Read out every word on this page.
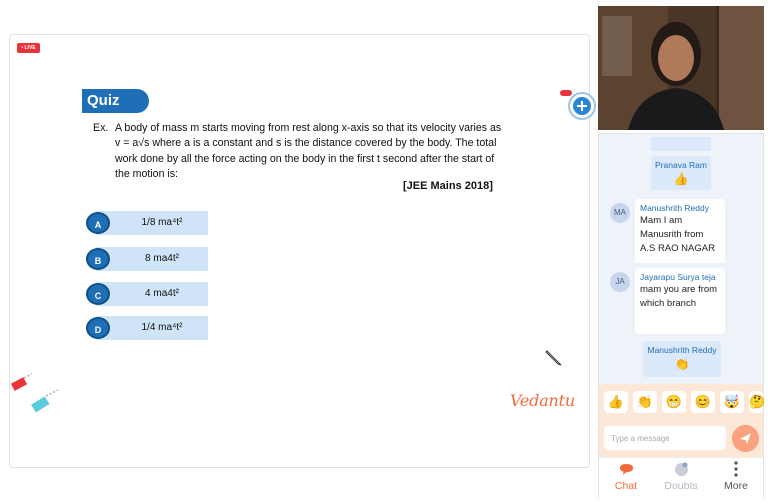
• LIVE
Quiz
Ex. A body of mass m starts moving from rest along x-axis so that its velocity varies as v = a√s where a is a constant and s is the distance covered by the body. The total work done by all the force acting on the body in the first t second after the start of the motion is:
[JEE Mains 2018]
A	1/8 ma⁴t²
B	8 ma4t²
C	4 ma4t²
D	1/4 ma⁴t²
Vedantu
Pranava Ram
👍
MA	Manushrith Reddy
Mam I am Manusrith from A.S RAO NAGAR
JA	Jayarapu Surya teja
mam you are from which branch
Manushrith Reddy
👏
👍 👏 😁 😊 🤯 🤔
Type a message
Chat	Doubts	More
